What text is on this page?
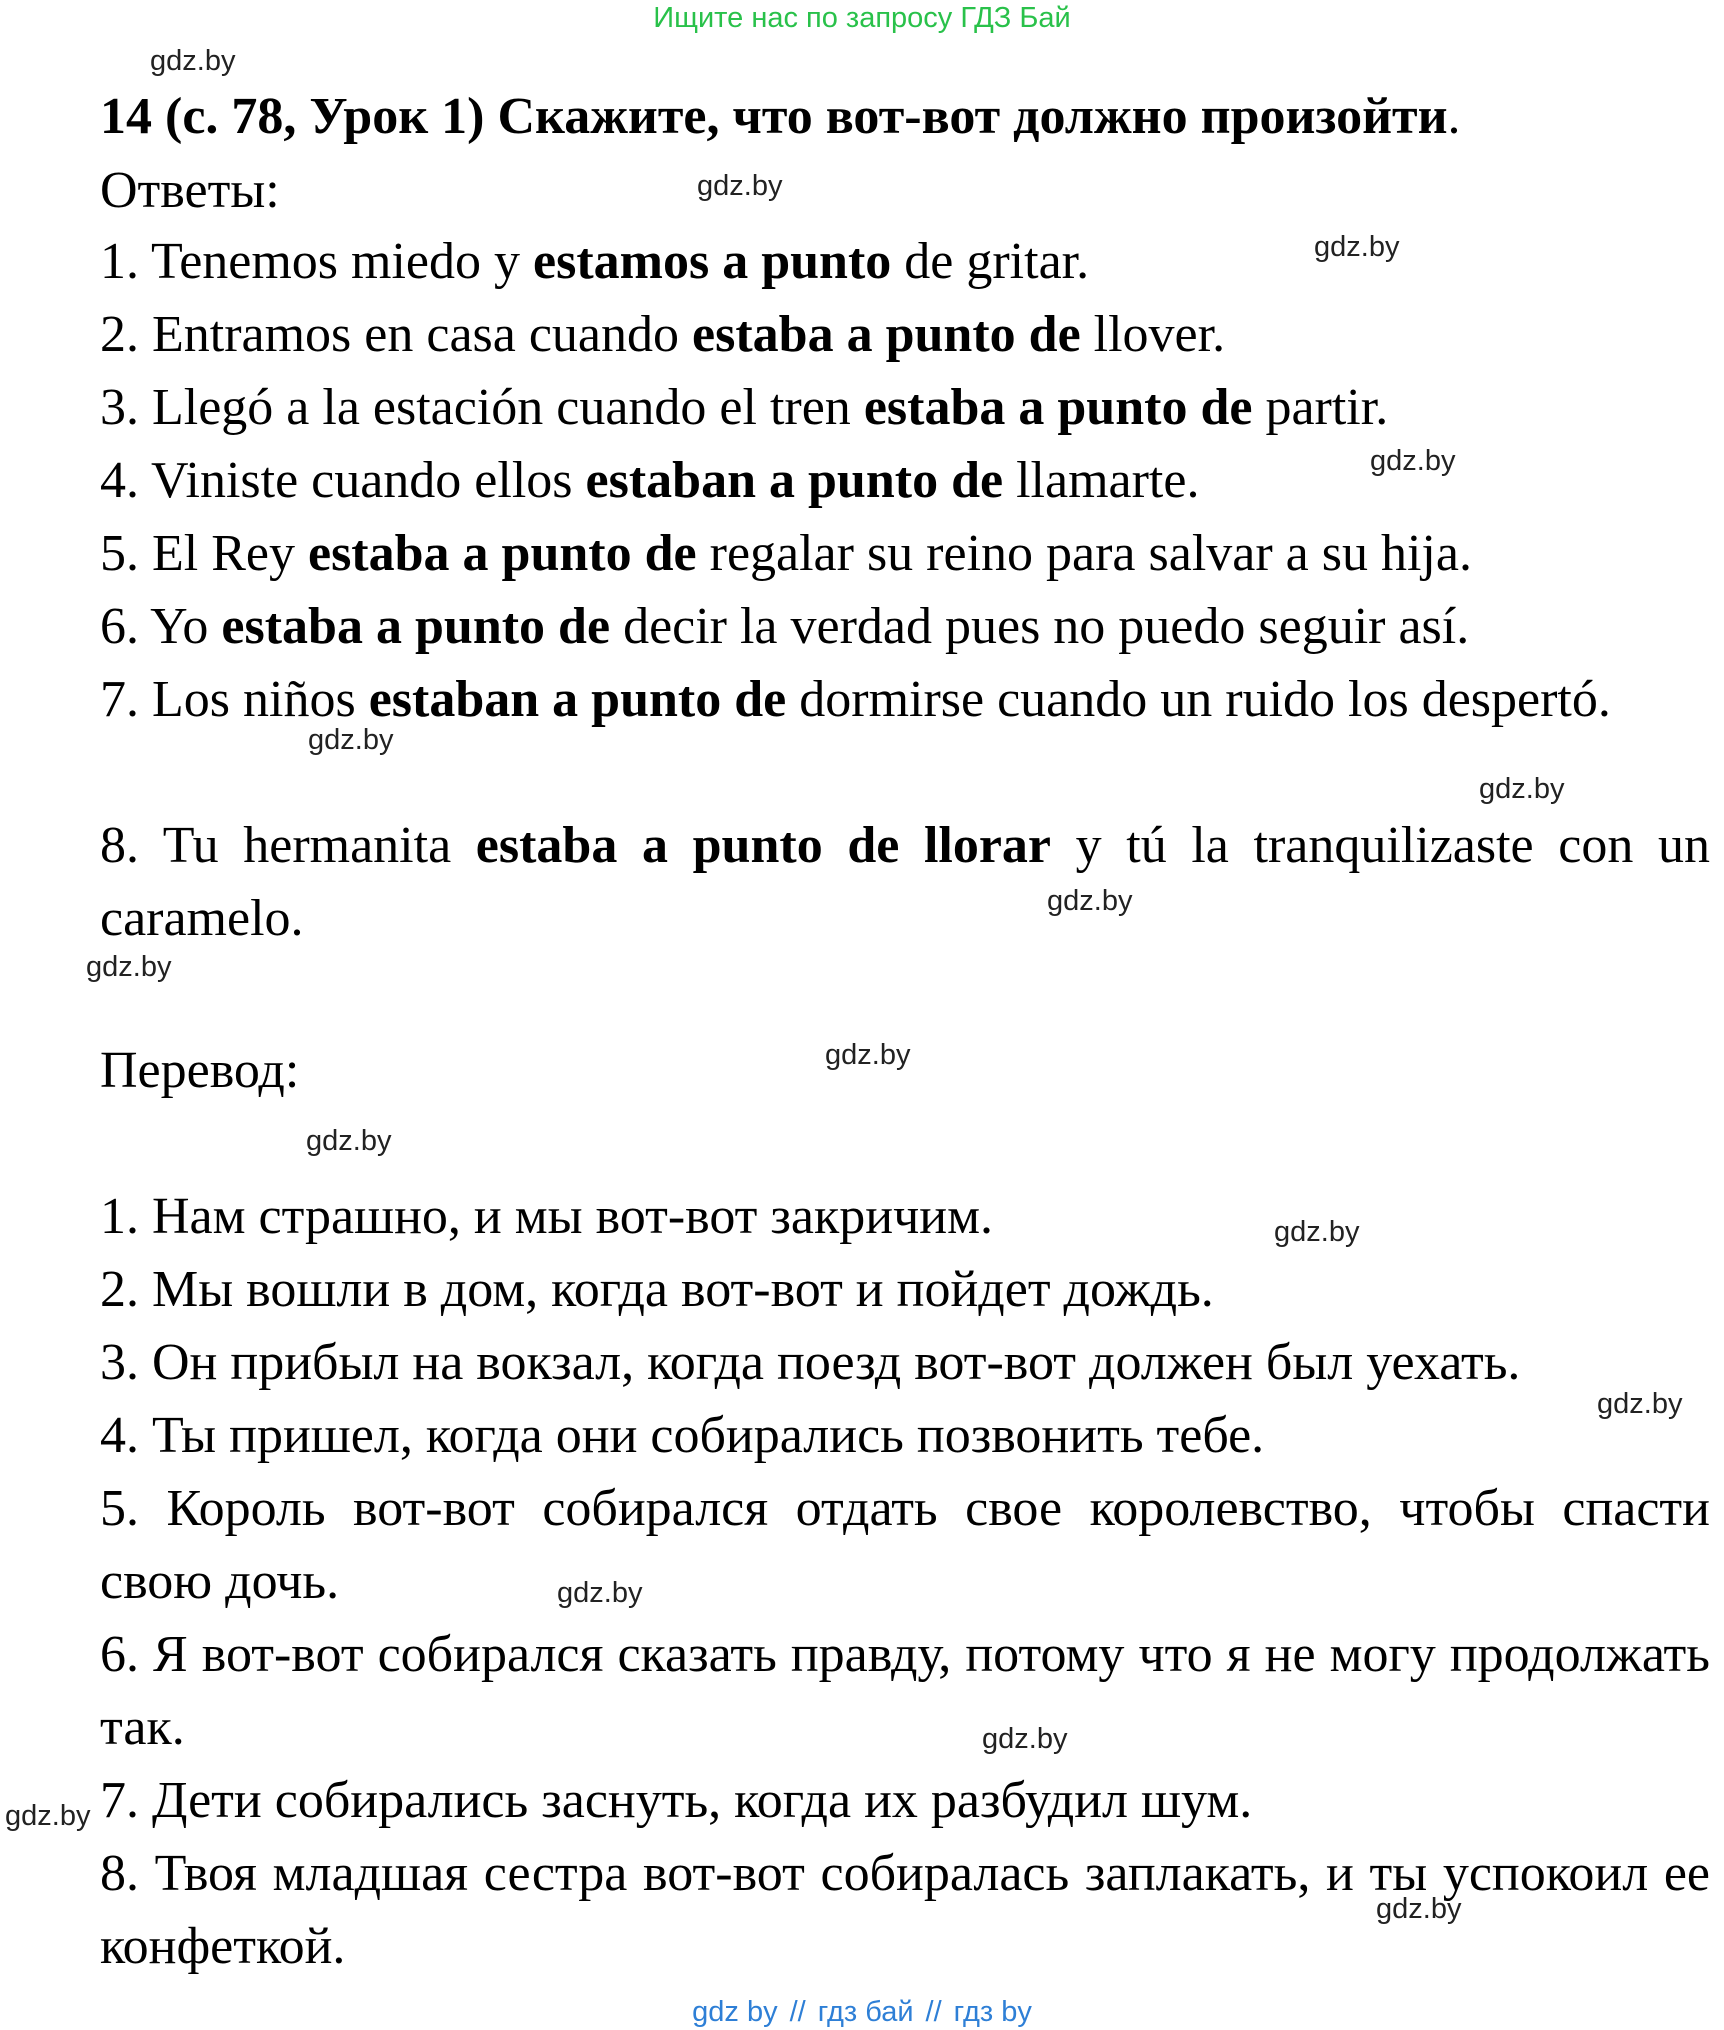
Ищите нас по запросу ГДЗ Бай
14 (с. 78, Урок 1) Скажите, что вот-вот должно произойти.
Ответы:
1. Tenemos miedo y estamos a punto de gritar.
2. Entramos en casa cuando estaba a punto de llover.
3. Llegó a la estación cuando el tren estaba a punto de partir.
4. Viniste cuando ellos estaban a punto de llamarte.
5. El Rey estaba a punto de regalar su reino para salvar a su hija.
6. Yo estaba a punto de decir la verdad pues no puedo seguir así.
7. Los niños estaban a punto de dormirse cuando un ruido los despertó.
8. Tu hermanita estaba a punto de llorar y tú la tranquilizaste con un caramelo.
Перевод:
1. Нам страшно, и мы вот-вот закричим.
2. Мы вошли в дом, когда вот-вот и пойдет дождь.
3. Он прибыл на вокзал, когда поезд вот-вот должен был уехать.
4. Ты пришел, когда они собирались позвонить тебе.
5. Король вот-вот собирался отдать свое королевство, чтобы спасти свою дочь.
6. Я вот-вот собирался сказать правду, потому что я не могу продолжать так.
7. Дети собирались заснуть, когда их разбудил шум.
8. Твоя младшая сестра вот-вот собиралась заплакать, и ты успокоил ее конфеткой.
gdz.by
gdz.by
gdz.by
gdz.by
gdz.by
gdz.by
gdz.by
gdz.by
gdz.by
gdz.by
gdz.by
gdz.by
gdz.by
gdz.by
gdz.by
gdz.by
gdz by // гдз бай // гдз by
